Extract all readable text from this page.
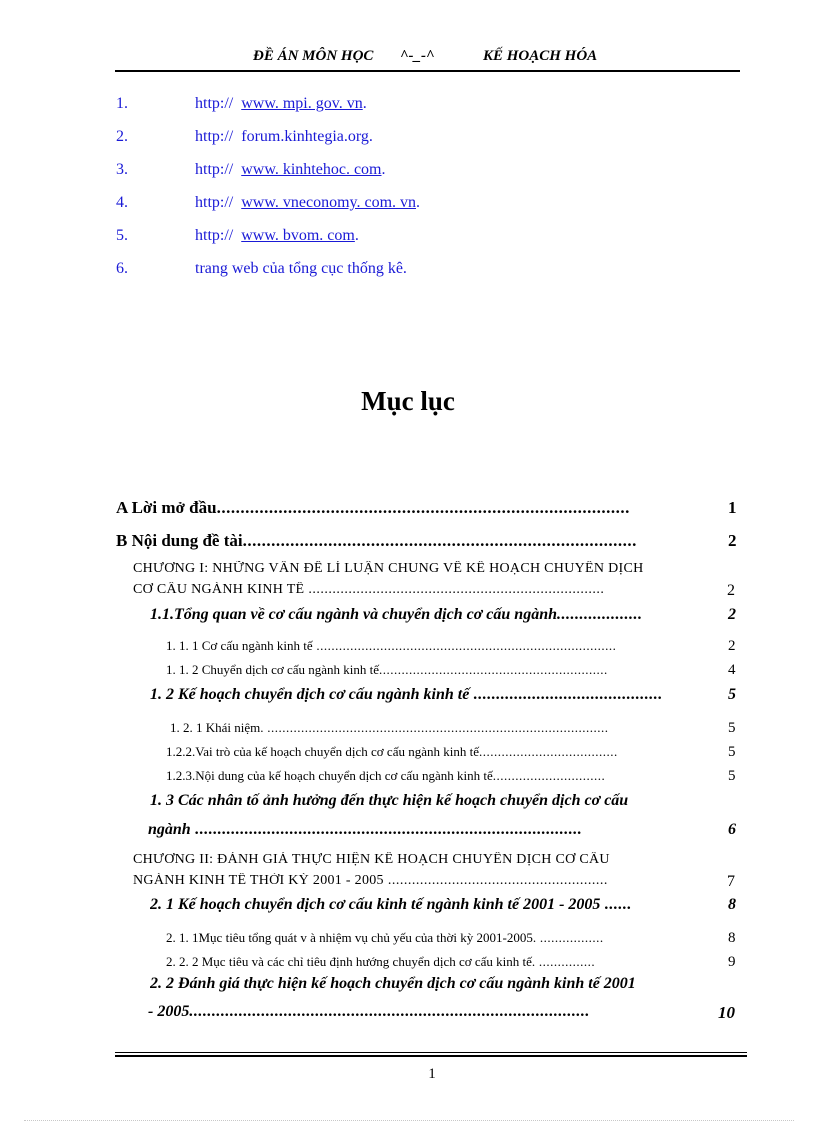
ĐỀ ÁN MÔN HỌC ^-_-^	KẾ HOẠCH HÓA
1.	http:// www. mpi. gov. vn.
2.	http:// forum.kinhtegia.org.
3.	http:// www. kinhtehoc. com.
4.	http:// www. vneconomy. com. vn.
5.	http:// www. bvom. com.
6.	trang web của tổng cục thống kê.
Mục lục
A Lời mở đầu.......................................................................................	1
B Nội dung đề tài...................................................................................	2
CHƯƠNG I: NHỮNG VẤN ĐỀ LÍ LUẬN CHUNG VỀ KẾ HOẠCH CHUYỂN DỊCH
CƠ CẤU NGÀNH KINH TẾ ..........................................................................	2
1.1.Tổng quan về cơ cấu ngành và chuyển dịch cơ cấu ngành...................	2
1. 1. 1 Cơ cấu ngành kinh tế ................................................................................	2
1. 1. 2 Chuyển dịch cơ cấu ngành kinh tế.............................................................	4
1. 2 Kế hoạch chuyển dịch cơ cấu ngành kinh tế ..........................................	5
1. 2. 1 Khái niệm. ...........................................................................................	5
1.2.2.Vai trò của kế hoạch chuyển dịch cơ cấu ngành kinh tế.....................................	5
1.2.3.Nội dung của kế hoạch chuyển dịch cơ cấu ngành kinh tế..............................	5
1. 3 Các nhân tố ảnh hưởng đến thực hiện kế hoạch chuyển dịch cơ cấu
ngành ......................................................................................	6
CHƯƠNG II: ĐÁNH GIÁ THỰC HIỆN KẾ HOẠCH CHUYỂN DỊCH CƠ CẤU
NGÀNH KINH TẾ THỜI KỲ 2001 - 2005 .......................................................	7
2. 1 Kế hoạch chuyển dịch cơ cấu kinh tế ngành kinh tế 2001 - 2005 ......	8
2. 1. 1Mục tiêu tổng quát v à nhiệm vụ chủ yếu của thời kỳ 2001-2005. .................	8
2. 2. 2 Mục tiêu và các chỉ tiêu định hướng chuyển dịch cơ cấu kinh tế. ...............	9
2. 2 Đánh giá thực hiện kế hoạch chuyển dịch cơ cấu ngành kinh tế 2001
- 2005.........................................................................................	10
1
